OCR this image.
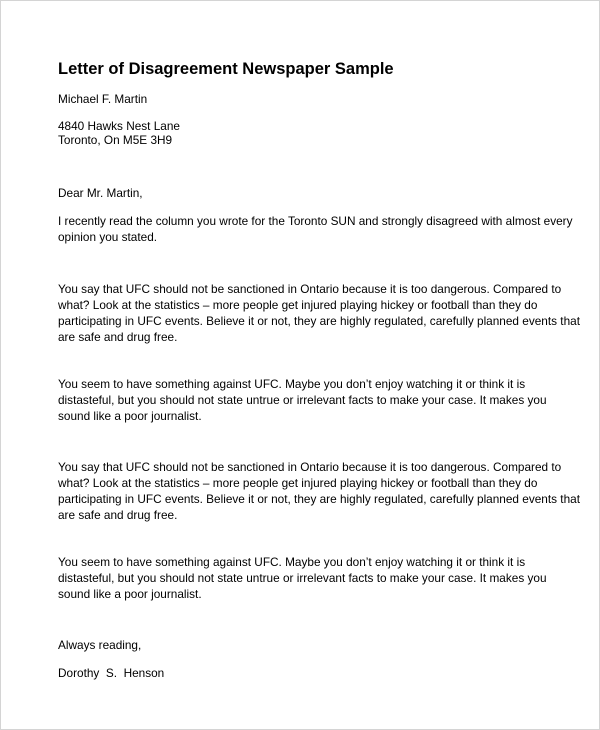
Letter of Disagreement Newspaper Sample
Michael F. Martin
4840 Hawks Nest Lane
Toronto, On M5E 3H9
Dear Mr. Martin,
I recently read the column you wrote for the Toronto SUN and strongly disagreed with almost every
opinion you stated.
You say that UFC should not be sanctioned in Ontario because it is too dangerous. Compared to
what? Look at the statistics – more people get injured playing hickey or football than they do
participating in UFC events. Believe it or not, they are highly regulated, carefully planned events that
are safe and drug free.
You seem to have something against UFC. Maybe you don’t enjoy watching it or think it is
distasteful, but you should not state untrue or irrelevant facts to make your case. It makes you
sound like a poor journalist.
You say that UFC should not be sanctioned in Ontario because it is too dangerous. Compared to
what? Look at the statistics – more people get injured playing hickey or football than they do
participating in UFC events. Believe it or not, they are highly regulated, carefully planned events that
are safe and drug free.
You seem to have something against UFC. Maybe you don’t enjoy watching it or think it is
distasteful, but you should not state untrue or irrelevant facts to make your case. It makes you
sound like a poor journalist.
Always reading,
Dorothy  S.  Henson
